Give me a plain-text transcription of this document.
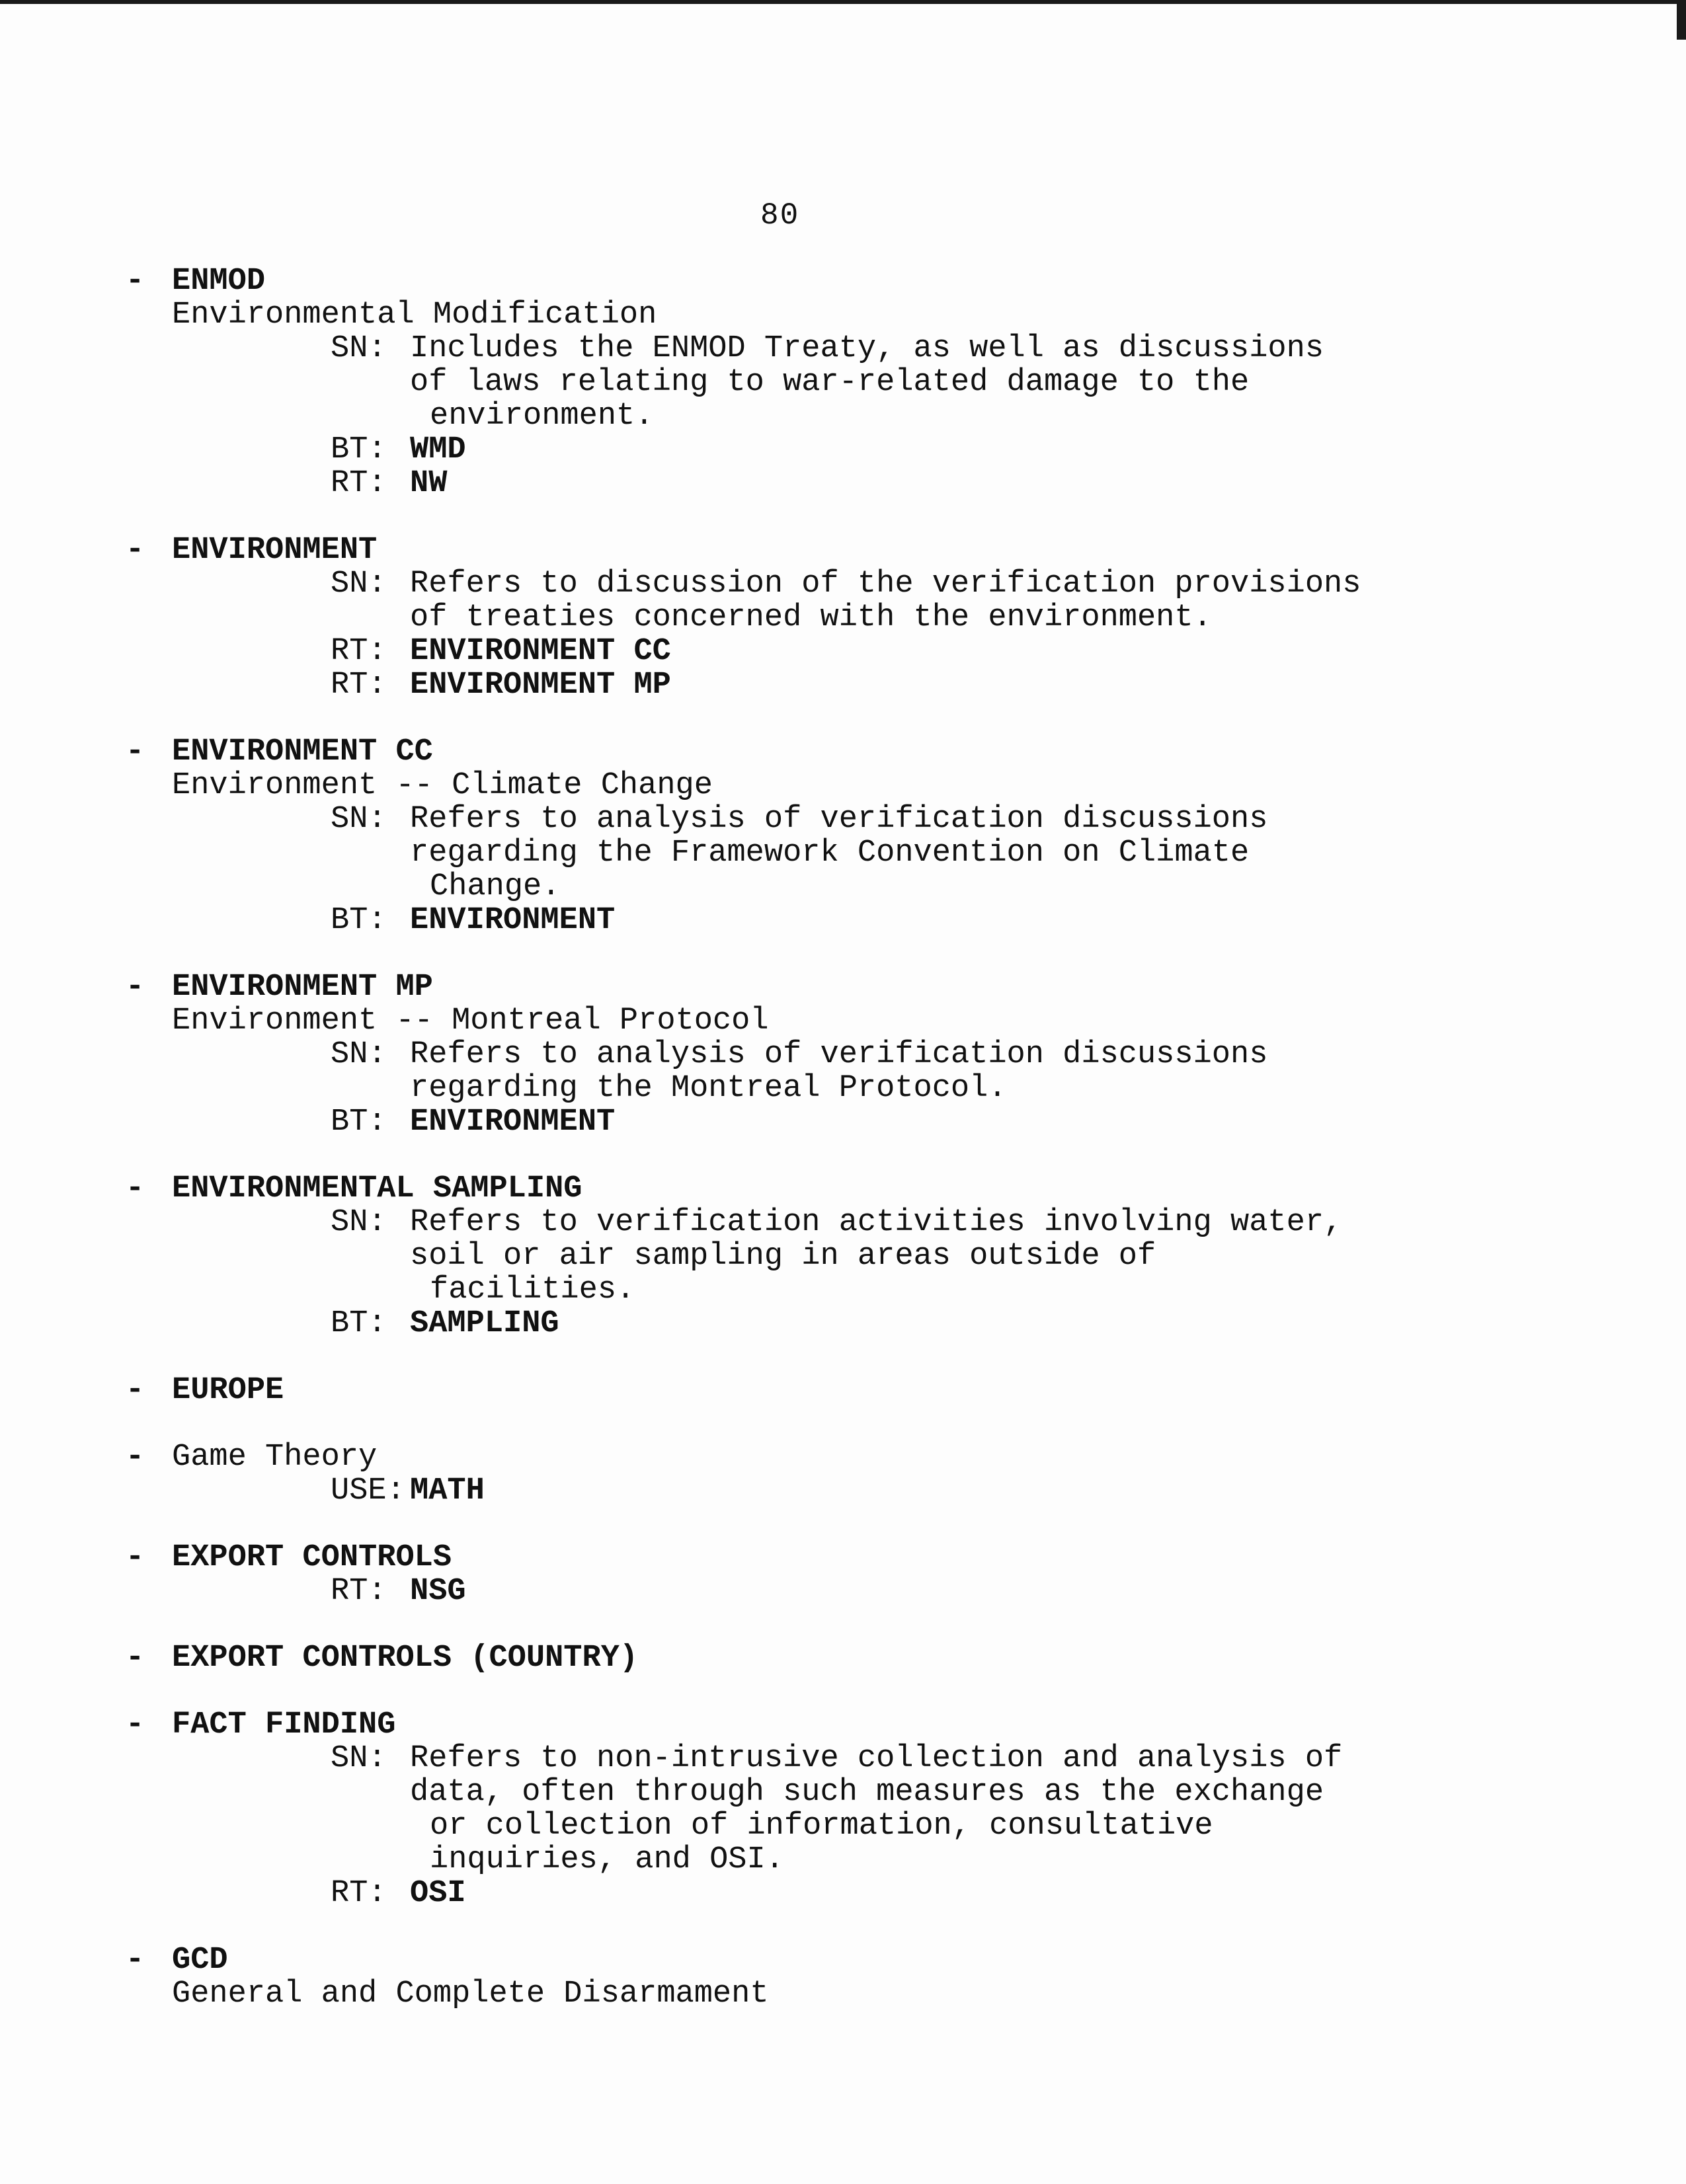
80
- ENMOD
Environmental Modification
SN: Includes the ENMOD Treaty, as well as discussions
of laws relating to war-related damage to the
environment.
BT: WMD
RT: NW
- ENVIRONMENT
SN: Refers to discussion of the verification provisions
of treaties concerned with the environment.
RT: ENVIRONMENT CC
RT: ENVIRONMENT MP
- ENVIRONMENT CC
Environment -- Climate Change
SN: Refers to analysis of verification discussions
regarding the Framework Convention on Climate
Change.
BT: ENVIRONMENT
- ENVIRONMENT MP
Environment -- Montreal Protocol
SN: Refers to analysis of verification discussions
regarding the Montreal Protocol.
BT: ENVIRONMENT
- ENVIRONMENTAL SAMPLING
SN: Refers to verification activities involving water,
soil or air sampling in areas outside of
facilities.
BT: SAMPLING
- EUROPE
- Game Theory
USE: MATH
- EXPORT CONTROLS
RT: NSG
- EXPORT CONTROLS (COUNTRY)
- FACT FINDING
SN: Refers to non-intrusive collection and analysis of
data, often through such measures as the exchange
or collection of information, consultative
inquiries, and OSI.
RT: OSI
- GCD
General and Complete Disarmament
